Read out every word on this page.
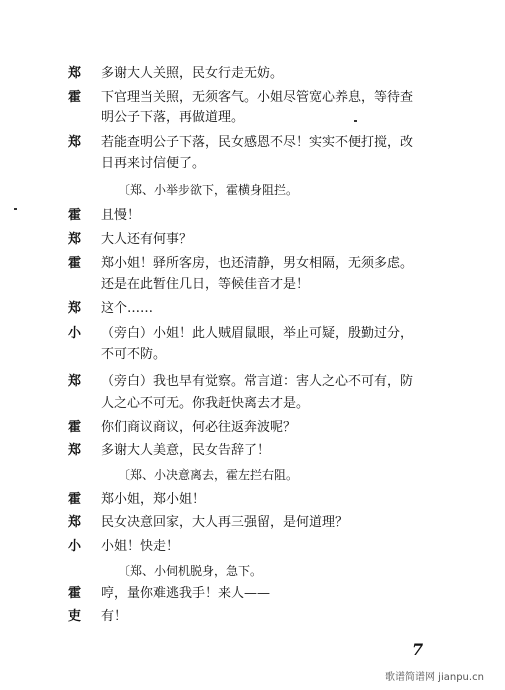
郑 多谢大人关照，民女行走无妨。
霍 下官理当关照，无须客气。小姐尽管宽心养息，等待查
明公子下落，再做道理。
郑 若能查明公子下落，民女感恩不尽！实实不便打搅，改
日再来讨信便了。
〔郑、小举步欲下，霍横身阻拦。
霍 且慢！
郑 大人还有何事？
霍 郑小姐！驿所客房，也还清静，男女相隔，无须多虑。
还是在此暂住几日，等候佳音才是！
郑 这个……
小 （旁白）小姐！此人贼眉鼠眼，举止可疑，殷勤过分，
不可不防。
郑 （旁白）我也早有觉察。常言道：害人之心不可有，防
人之心不可无。你我赶快离去才是。
霍 你们商议商议，何必往返奔波呢？
郑 多谢大人美意，民女告辞了！
〔郑、小决意离去，霍左拦右阻。
霍 郑小姐，郑小姐！
郑 民女决意回家，大人再三强留，是何道理？
小 小姐！快走！
〔郑、小伺机脱身，急下。
霍 哼，量你难逃我手！来人——
吏 有！
7
歌谱简谱网 jianpu.cn
